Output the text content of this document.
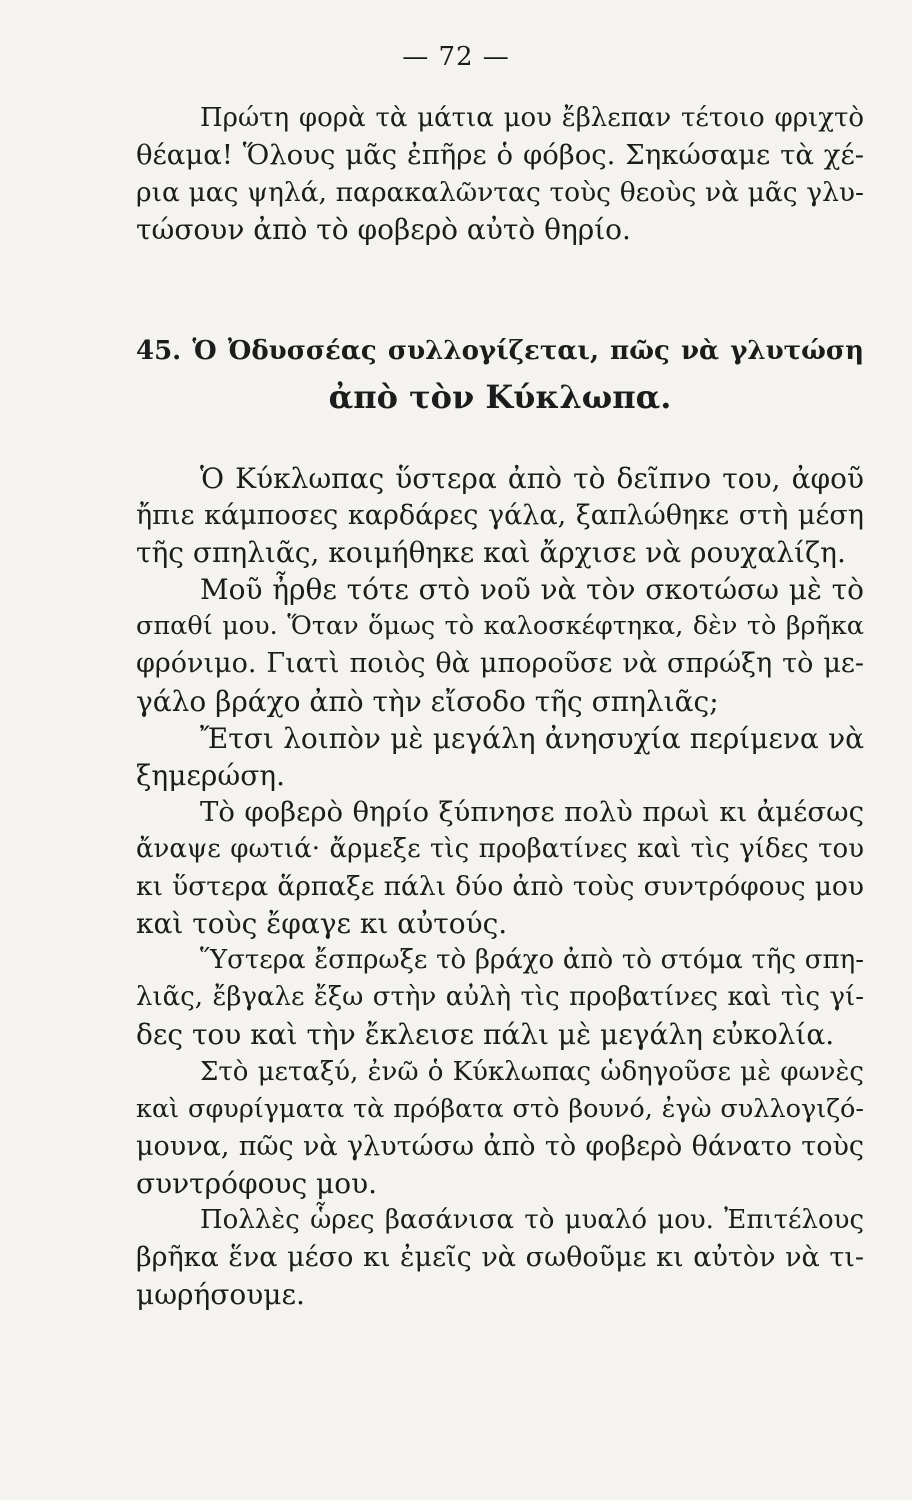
— 72 —
Πρώτη φορὰ τὰ μάτια μου ἔβλεπαν τέτοιο φριχτὸ
θέαμα! Ὅλους μᾶς ἐπῆρε ὁ φόβος. Σηκώσαμε τὰ χέ-
ρια μας ψηλά, παρακαλῶντας τοὺς θεοὺς νὰ μᾶς γλυ-
τώσουν ἀπὸ τὸ φοβερὸ αὐτὸ θηρίο.
45. Ὁ Ὀδυσσέας συλλογίζεται, πῶς νὰ γλυτώση
ἀπὸ τὸν Κύκλωπα.
Ὁ Κύκλωπας ὕστερα ἀπὸ τὸ δεῖπνο του, ἀφοῦ
ἤπιε κάμποσες καρδάρες γάλα, ξαπλώθηκε στὴ μέση
τῆς σπηλιᾶς, κοιμήθηκε καὶ ἄρχισε νὰ ρουχαλίζη.
Μοῦ ἦρθε τότε στὸ νοῦ νὰ τὸν σκοτώσω μὲ τὸ
σπαθί μου. Ὅταν ὅμως τὸ καλοσκέφτηκα, δὲν τὸ βρῆκα
φρόνιμο. Γιατὶ ποιὸς θὰ μποροῦσε νὰ σπρώξη τὸ με-
γάλο βράχο ἀπὸ τὴν εἴσοδο τῆς σπηλιᾶς;
Ἔτσι λοιπὸν μὲ μεγάλη ἀνησυχία περίμενα νὰ
ξημερώση.
Τὸ φοβερὸ θηρίο ξύπνησε πολὺ πρωὶ κι ἀμέσως
ἄναψε φωτιά· ἄρμεξε τὶς προβατίνες καὶ τὶς γίδες του
κι ὕστερα ἅρπαξε πάλι δύο ἀπὸ τοὺς συντρόφους μου
καὶ τοὺς ἔφαγε κι αὐτούς.
Ὕστερα ἔσπρωξε τὸ βράχο ἀπὸ τὸ στόμα τῆς σπη-
λιᾶς, ἔβγαλε ἔξω στὴν αὐλὴ τὶς προβατίνες καὶ τὶς γί-
δες του καὶ τὴν ἔκλεισε πάλι μὲ μεγάλη εὐκολία.
Στὸ μεταξύ, ἐνῶ ὁ Κύκλωπας ὡδηγοῦσε μὲ φωνὲς
καὶ σφυρίγματα τὰ πρόβατα στὸ βουνό, ἐγὼ συλλογιζό-
μουνα, πῶς νὰ γλυτώσω ἀπὸ τὸ φοβερὸ θάνατο τοὺς
συντρόφους μου.
Πολλὲς ὧρες βασάνισα τὸ μυαλό μου. Ἐπιτέλους
βρῆκα ἕνα μέσο κι ἐμεῖς νὰ σωθοῦμε κι αὐτὸν νὰ τι-
μωρήσουμε.
